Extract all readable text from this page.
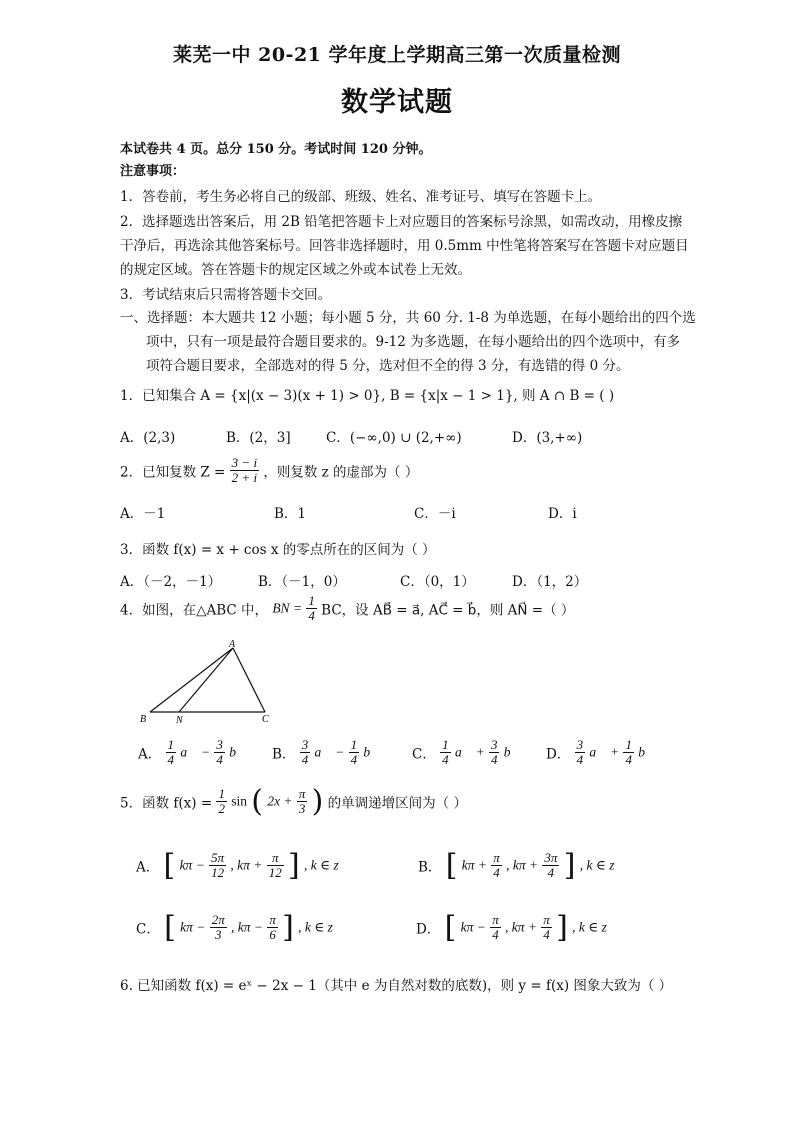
莱芜一中 20-21 学年度上学期高三第一次质量检测
数学试题
本试卷共 4 页。总分 150 分。考试时间 120 分钟。
注意事项：
1．答卷前，考生务必将自己的级部、班级、姓名、准考证号、填写在答题卡上。
2．选择题选出答案后，用 2B 铅笔把答题卡上对应题目的答案标号涂黑，如需改动，用橡皮擦
干净后，再选涂其他答案标号。回答非选择题时，用 0.5mm 中性笔将答案写在答题卡对应题目
的规定区域。答在答题卡的规定区域之外或本试卷上无效。
3．考试结束后只需将答题卡交回。
一、选择题：本大题共 12 小题；每小题 5 分，共 60 分. 1-8 为单选题，在每小题给出的四个选
项中，只有一项是最符合题目要求的。9-12 为多选题，在每小题给出的四个选项中，有多
项符合题目要求，全部选对的得 5 分，选对但不全的得 3 分，有选错的得 0 分。
1．已知集合 A = {x|(x − 3)(x + 1) > 0}, B = {x|x − 1 > 1}, 则 A ∩ B = ( )
A．(2,3)	B．(2，3]	C．(−∞,0) ∪ (2,+∞)	D．(3,+∞)
2．已知复数 $Z = \frac{3 - i}{2 + i}$ ，则复数 z 的虚部为（ ）
A．－1	B．1	C．－i	D．i
3．函数 f(x) = x + cos x 的零点所在的区间为（ ）
A．（－2，－1）	B．（－1，0）	C．（0，1）	D．（1，2）
4．如图，在△ABC 中， BN = $\frac{1}{4}$ BC，设 AB⃗ = a⃗, AC⃗ = b⃗，则 AN⃗ =（ ）
A
B	N	C
A． $\frac{1}{4}$ a⃗ − $\frac{3}{4}$ b⃗ B． $\frac{3}{4}$ a⃗ − $\frac{1}{4}$ b⃗ C． $\frac{1}{4}$ a⃗ + $\frac{3}{4}$ b⃗ D． $\frac{3}{4}$ a⃗ + $\frac{1}{4}$ b⃗
5．函数 $f(x) = \frac{1}{2}$ sin ( $2x + \frac{\pi}{3}$ ) 的单调递增区间为（ ）
A． [ $k\pi - \frac{5\pi}{12}$ , $k\pi + \frac{\pi}{12}$ ] , k ∈ z	B． [ $k\pi + \frac{\pi}{4}$ , $k\pi + \frac{3\pi}{4}$ ] , k ∈ z
C． [ $k\pi - \frac{2\pi}{3}$ , $k\pi - \frac{\pi}{6}$ ] , k ∈ z	D． [ $k\pi - \frac{\pi}{4}$ , $k\pi + \frac{\pi}{4}$ ] , k ∈ z
6. 已知函数 f(x) = eˣ − 2x − 1（其中 e 为自然对数的底数)，则 y = f(x) 图象大致为（ ）
